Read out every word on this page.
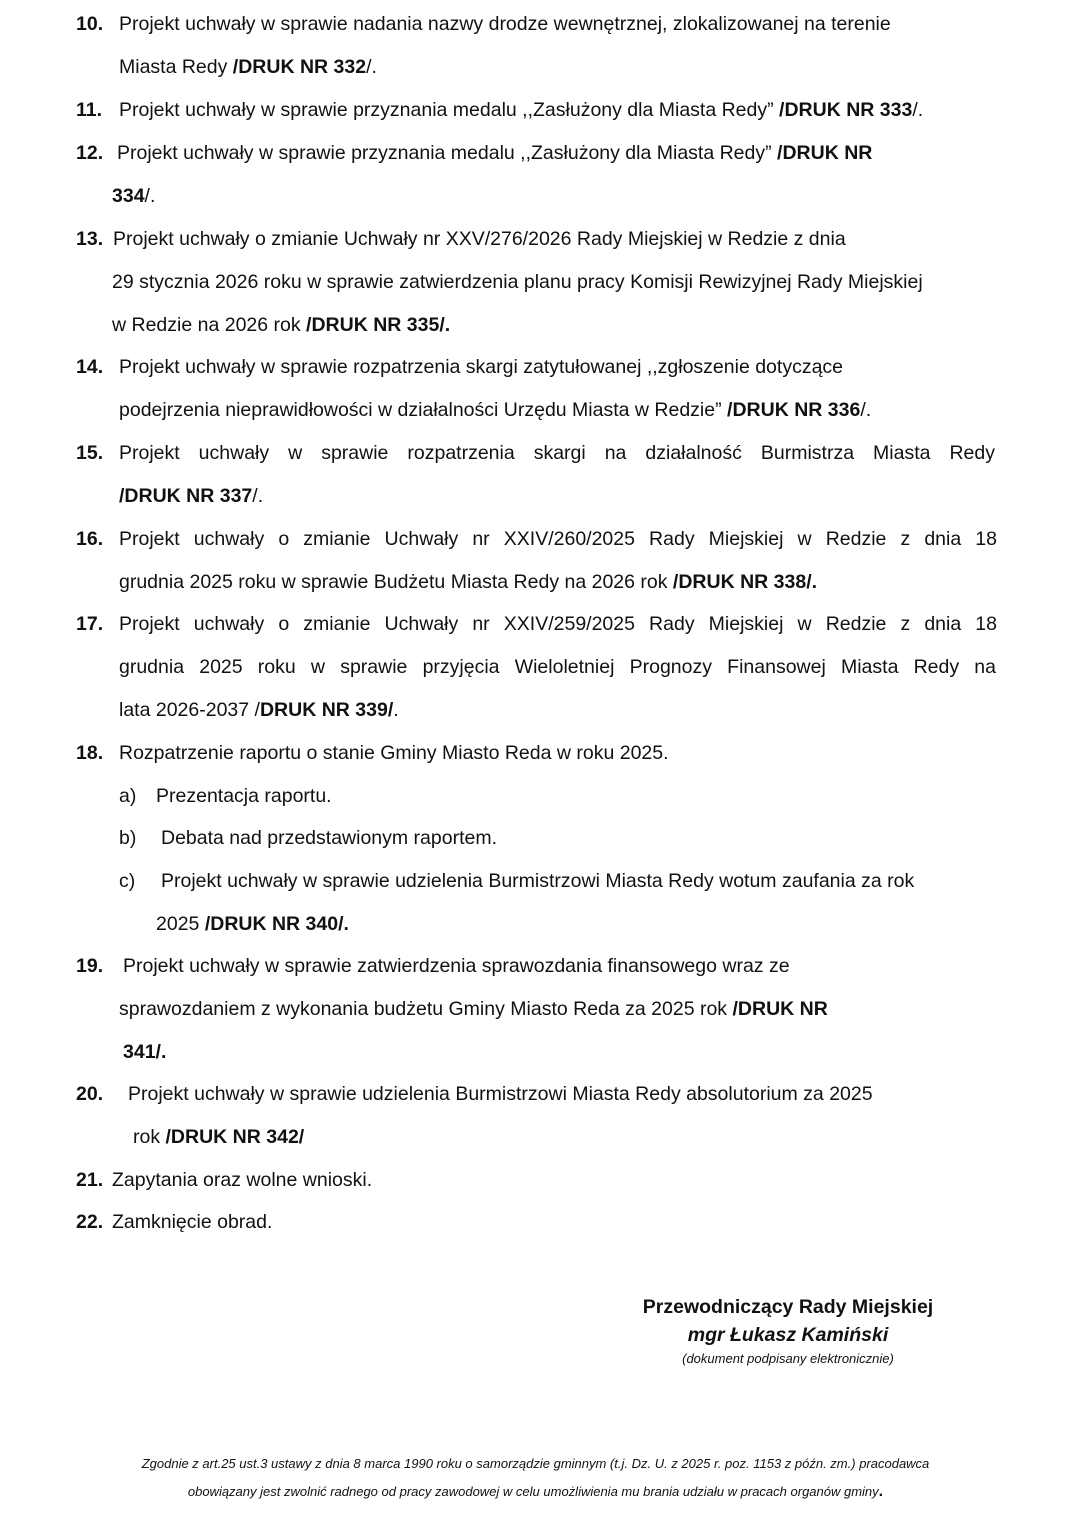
10. Projekt uchwały w sprawie nadania nazwy drodze wewnętrznej, zlokalizowanej na terenie
Miasta Redy /DRUK NR 332/.
11. Projekt uchwały w sprawie przyznania medalu ,,Zasłużony dla Miasta Redy” /DRUK NR 333/.
12. Projekt uchwały w sprawie przyznania medalu ,,Zasłużony dla Miasta Redy” /DRUK NR
334/.
13. Projekt uchwały o zmianie Uchwały nr XXV/276/2026 Rady Miejskiej w Redzie z dnia
29 stycznia 2026 roku w sprawie zatwierdzenia planu pracy Komisji Rewizyjnej Rady Miejskiej
w Redzie na 2026 rok /DRUK NR 335/.
14. Projekt uchwały w sprawie rozpatrzenia skargi zatytułowanej ,,zgłoszenie dotyczące
podejrzenia nieprawidłowości w działalności Urzędu Miasta w Redzie” /DRUK NR 336/.
15. Projekt uchwały w sprawie rozpatrzenia skargi na działalność Burmistrza Miasta Redy
/DRUK NR 337/.
16. Projekt uchwały o zmianie Uchwały nr XXIV/260/2025 Rady Miejskiej w Redzie z dnia 18
grudnia 2025 roku w sprawie Budżetu Miasta Redy na 2026 rok /DRUK NR 338/.
17. Projekt uchwały o zmianie Uchwały nr XXIV/259/2025 Rady Miejskiej w Redzie z dnia 18
grudnia 2025 roku w sprawie przyjęcia Wieloletniej Prognozy Finansowej Miasta Redy na
lata 2026-2037 /DRUK NR 339/.
18. Rozpatrzenie raportu o stanie Gminy Miasto Reda w roku 2025.
a) Prezentacja raportu.
b) Debata nad przedstawionym raportem.
c) Projekt uchwały w sprawie udzielenia Burmistrzowi Miasta Redy wotum zaufania za rok
2025 /DRUK NR 340/.
19. Projekt uchwały w sprawie zatwierdzenia sprawozdania finansowego wraz ze
sprawozdaniem z wykonania budżetu Gminy Miasto Reda za 2025 rok /DRUK NR
341/.
20. Projekt uchwały w sprawie udzielenia Burmistrzowi Miasta Redy absolutorium za 2025
rok /DRUK NR 342/
21. Zapytania oraz wolne wnioski.
22. Zamknięcie obrad.
Przewodniczący Rady Miejskiej
mgr Łukasz Kamiński
(dokument podpisany elektronicznie)
Zgodnie z art.25 ust.3 ustawy z dnia 8 marca 1990 roku o samorządzie gminnym (t.j. Dz. U. z 2025 r. poz. 1153 z późn. zm.) pracodawca
obowiązany jest zwolnić radnego od pracy zawodowej w celu umożliwienia mu brania udziału w pracach organów gminy.
